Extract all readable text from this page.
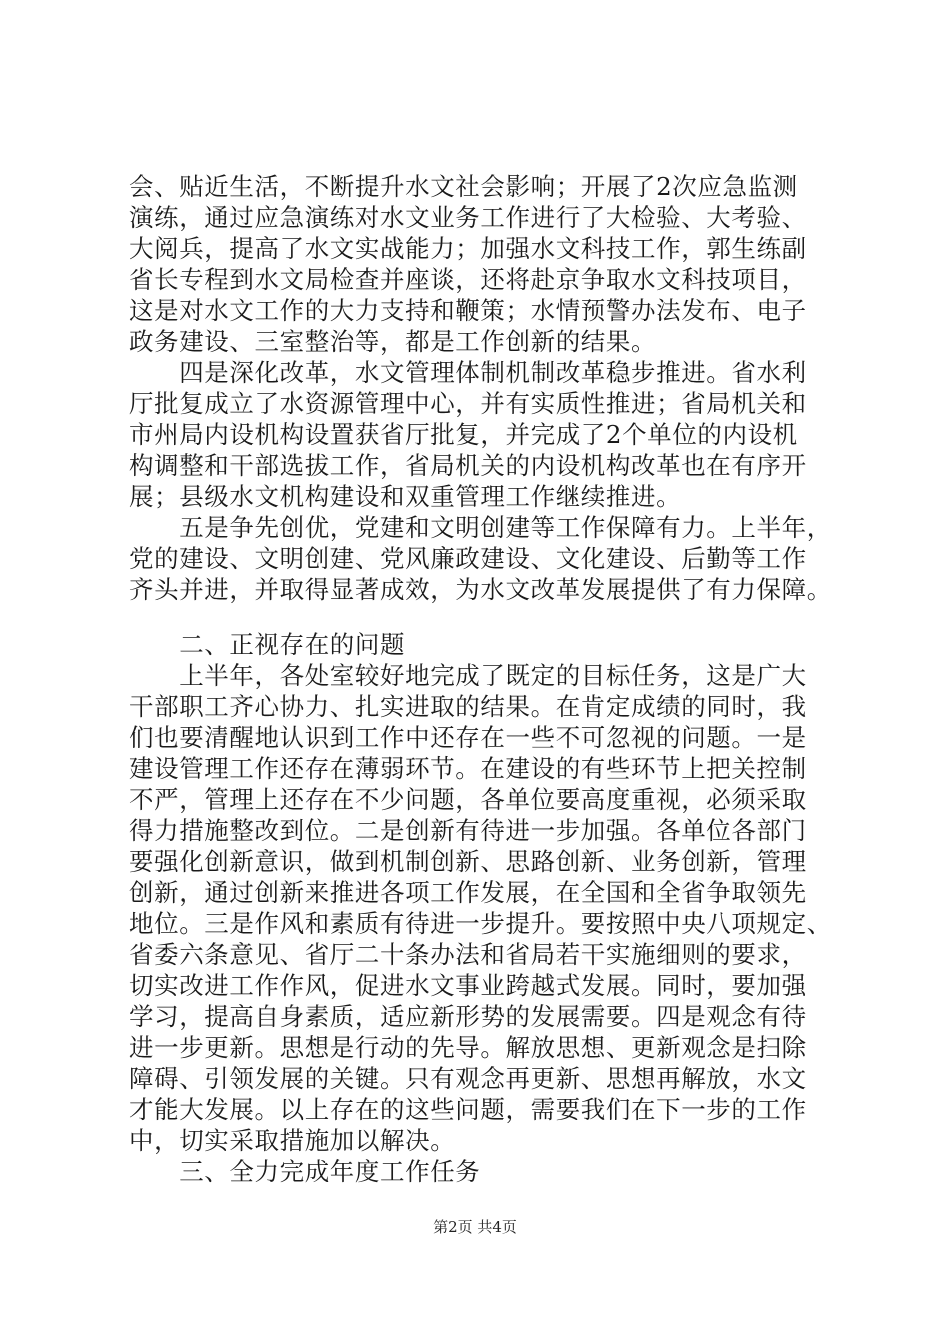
会、贴近生活，不断提升水文社会影响；开展了2次应急监测
演练，通过应急演练对水文业务工作进行了大检验、大考验、
大阅兵，提高了水文实战能力；加强水文科技工作，郭生练副
省长专程到水文局检查并座谈，还将赴京争取水文科技项目，
这是对水文工作的大力支持和鞭策；水情预警办法发布、电子
政务建设、三室整治等，都是工作创新的结果。
　　四是深化改革，水文管理体制机制改革稳步推进。省水利
厅批复成立了水资源管理中心，并有实质性推进；省局机关和
市州局内设机构设置获省厅批复，并完成了2个单位的内设机
构调整和干部选拔工作，省局机关的内设机构改革也在有序开
展；县级水文机构建设和双重管理工作继续推进。
　　五是争先创优，党建和文明创建等工作保障有力。上半年，
党的建设、文明创建、党风廉政建设、文化建设、后勤等工作
齐头并进，并取得显著成效，为水文改革发展提供了有力保障。
　　二、正视存在的问题
　　上半年，各处室较好地完成了既定的目标任务，这是广大
干部职工齐心协力、扎实进取的结果。在肯定成绩的同时，我
们也要清醒地认识到工作中还存在一些不可忽视的问题。一是
建设管理工作还存在薄弱环节。在建设的有些环节上把关控制
不严，管理上还存在不少问题，各单位要高度重视，必须采取
得力措施整改到位。二是创新有待进一步加强。各单位各部门
要强化创新意识，做到机制创新、思路创新、业务创新，管理
创新，通过创新来推进各项工作发展，在全国和全省争取领先
地位。三是作风和素质有待进一步提升。要按照中央八项规定、
省委六条意见、省厅二十条办法和省局若干实施细则的要求，
切实改进工作作风，促进水文事业跨越式发展。同时，要加强
学习，提高自身素质，适应新形势的发展需要。四是观念有待
进一步更新。思想是行动的先导。解放思想、更新观念是扫除
障碍、引领发展的关键。只有观念再更新、思想再解放，水文
才能大发展。以上存在的这些问题，需要我们在下一步的工作
中，切实采取措施加以解决。
　　三、全力完成年度工作任务
第2页 共4页
